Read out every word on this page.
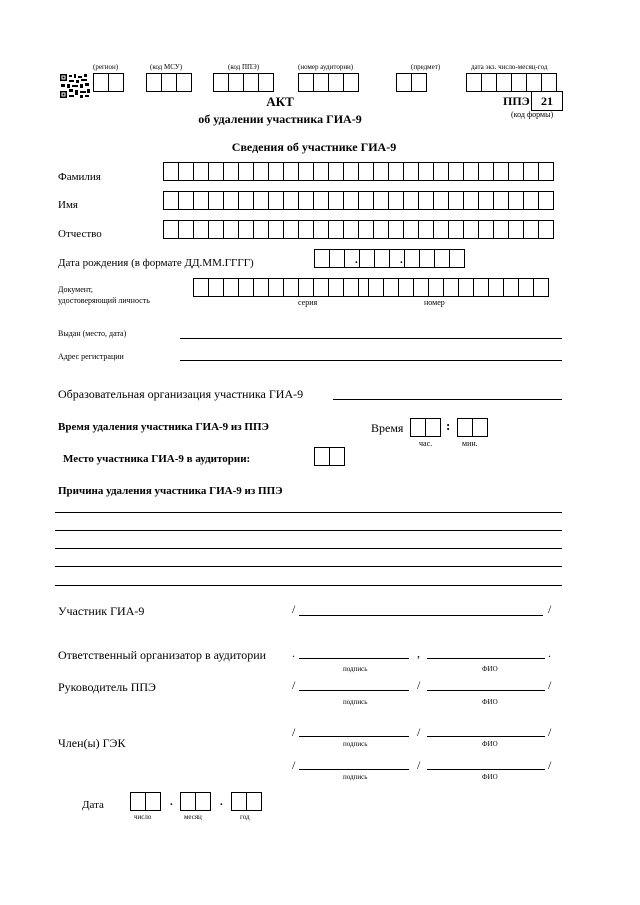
(регион)	(код МСУ)	(код ППЭ)	(номер аудитории)	(предмет)	дата экз. число-месяц-год
ППЭ 21
(код формы)
АКТ
об удалении участника ГИА-9
Сведения об участнике ГИА-9
Фамилия
Имя
Отчество
Дата рождения (в формате ДД.ММ.ГГГГ)	.	.
Документ,
удостоверяющий личность	серия	номер
Выдан (место, дата)
Адрес регистрации
Образовательная организация участника ГИА-9
Время удаления участника ГИА-9 из ППЭ	Время	:
час.	мин.
Место участника ГИА-9 в аудитории:
Причина удаления участника ГИА-9 из ППЭ
Участник ГИА-9	/	/
Ответственный организатор в аудитории .	,	.
подпись	ФИО
Руководитель ППЭ	/	/	/
подпись	ФИО
Член(ы) ГЭК
/	/	/
подпись	ФИО
/	/	/
подпись	ФИО
Дата	.	.
число	месяц	год
